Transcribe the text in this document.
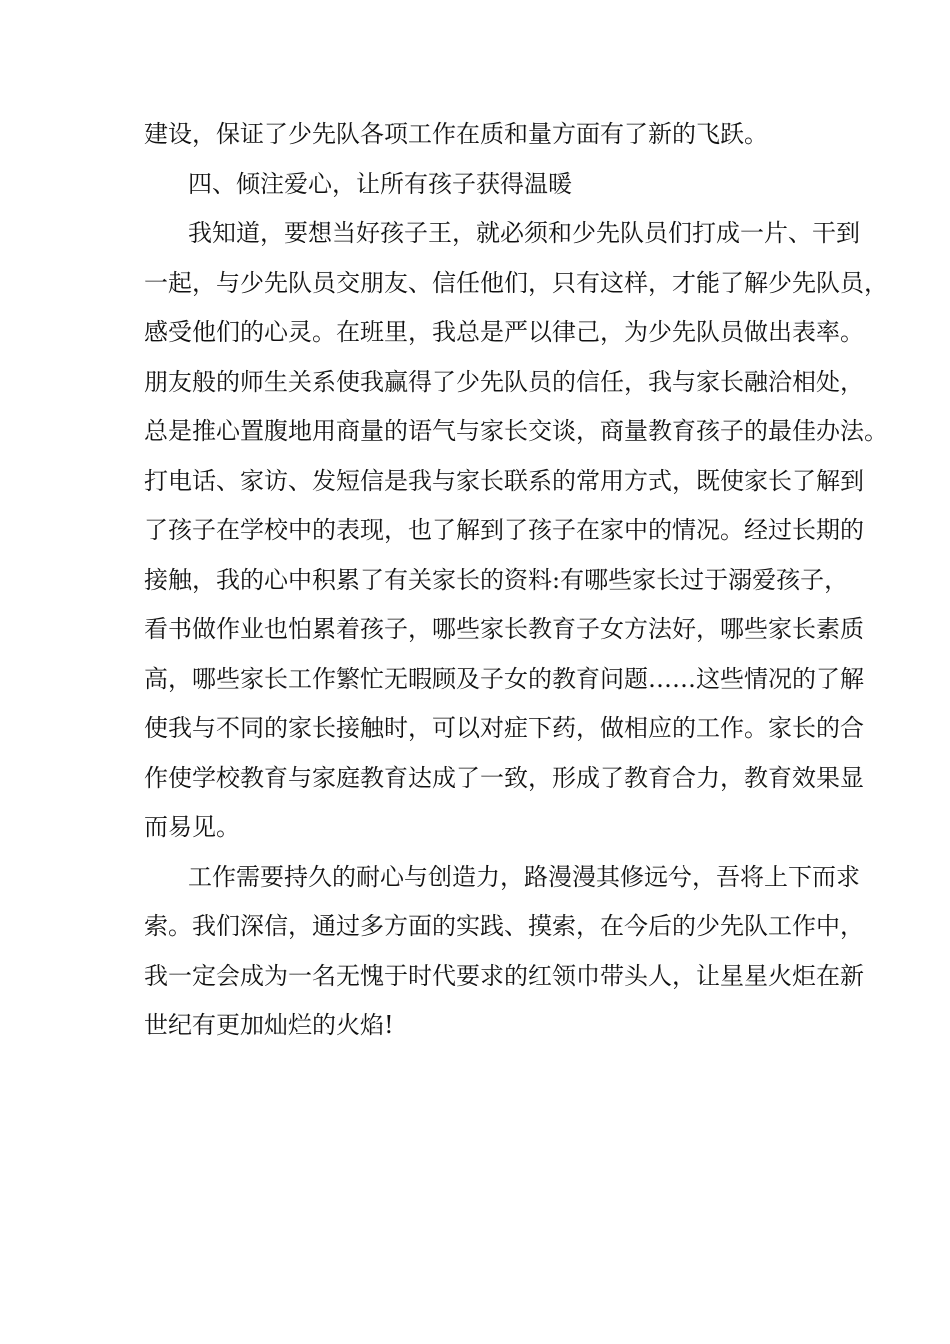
建设，保证了少先队各项工作在质和量方面有了新的飞跃。
四、倾注爱心，让所有孩子获得温暖
我知道，要想当好孩子王，就必须和少先队员们打成一片、干到
一起，与少先队员交朋友、信任他们，只有这样，才能了解少先队员，
感受他们的心灵。在班里，我总是严以律己，为少先队员做出表率。
朋友般的师生关系使我赢得了少先队员的信任，我与家长融洽相处，
总是推心置腹地用商量的语气与家长交谈，商量教育孩子的最佳办法。
打电话、家访、发短信是我与家长联系的常用方式，既使家长了解到
了孩子在学校中的表现，也了解到了孩子在家中的情况。经过长期的
接触，我的心中积累了有关家长的资料:有哪些家长过于溺爱孩子，
看书做作业也怕累着孩子，哪些家长教育子女方法好，哪些家长素质
高，哪些家长工作繁忙无暇顾及子女的教育问题……这些情况的了解
使我与不同的家长接触时，可以对症下药，做相应的工作。家长的合
作使学校教育与家庭教育达成了一致，形成了教育合力，教育效果显
而易见。
工作需要持久的耐心与创造力，路漫漫其修远兮，吾将上下而求
索。我们深信，通过多方面的实践、摸索，在今后的少先队工作中，
我一定会成为一名无愧于时代要求的红领巾带头人，让星星火炬在新
世纪有更加灿烂的火焰!
